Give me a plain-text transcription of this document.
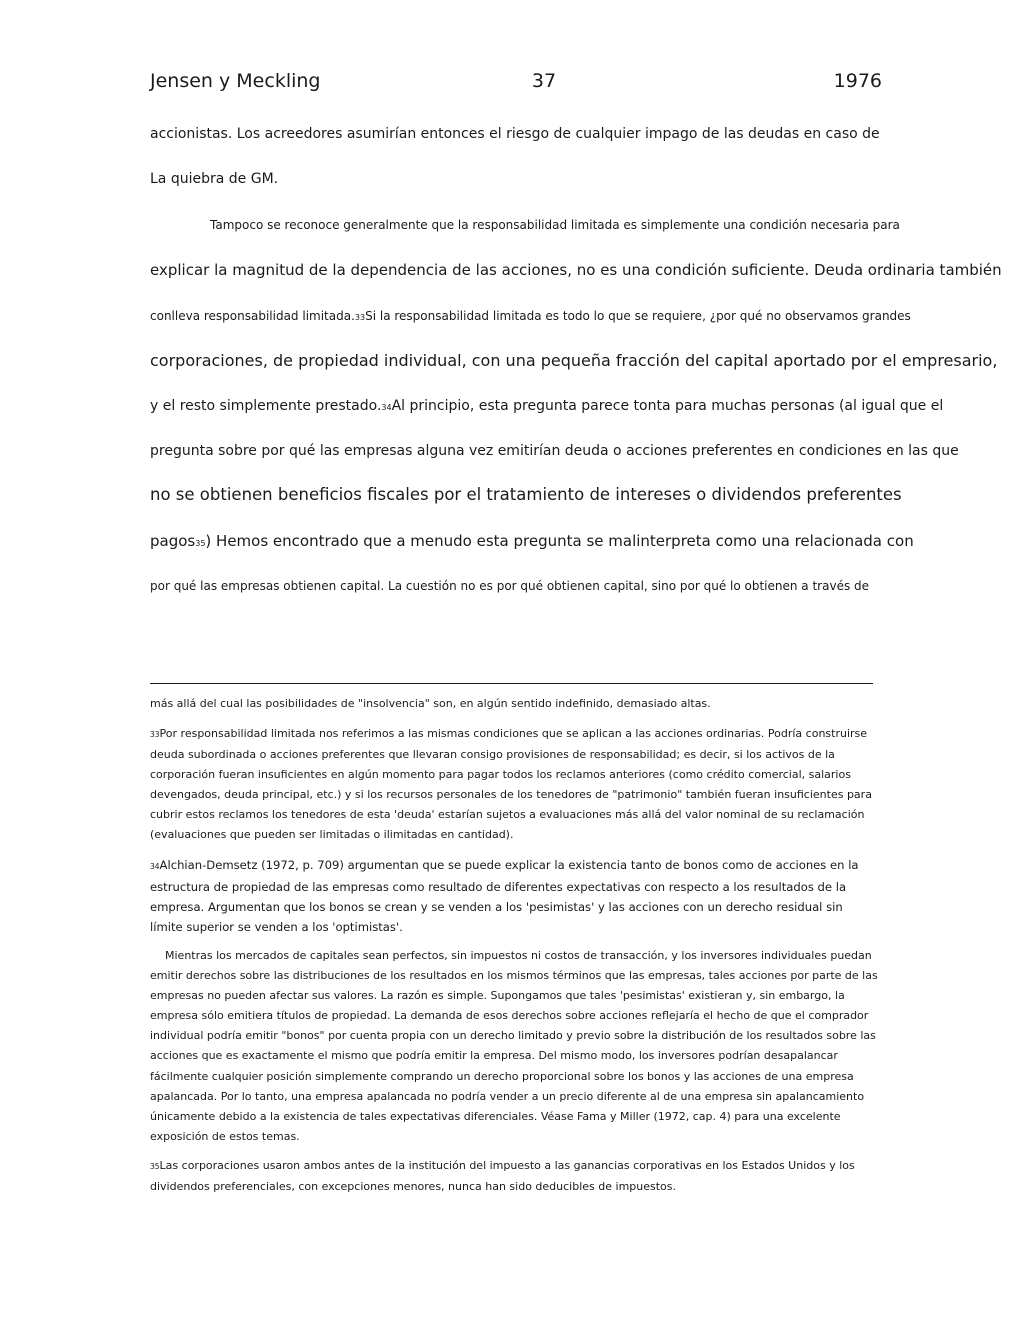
Jensen y Meckling	37	1976
accionistas. Los acreedores asumirían entonces el riesgo de cualquier impago de las deudas en caso de
La quiebra de GM.
Tampoco se reconoce generalmente que la responsabilidad limitada es simplemente una condición necesaria para
explicar la magnitud de la dependencia de las acciones, no es una condición suficiente. Deuda ordinaria también
conlleva responsabilidad limitada.33Si la responsabilidad limitada es todo lo que se requiere, ¿por qué no observamos grandes
corporaciones, de propiedad individual, con una pequeña fracción del capital aportado por el empresario,
y el resto simplemente prestado.34Al principio, esta pregunta parece tonta para muchas personas (al igual que el
pregunta sobre por qué las empresas alguna vez emitirían deuda o acciones preferentes en condiciones en las que
no se obtienen beneficios fiscales por el tratamiento de intereses o dividendos preferentes
pagos35) Hemos encontrado que a menudo esta pregunta se malinterpreta como una relacionada con
por qué las empresas obtienen capital. La cuestión no es por qué obtienen capital, sino por qué lo obtienen a través de
más allá del cual las posibilidades de "insolvencia" son, en algún sentido indefinido, demasiado altas.
33Por responsabilidad limitada nos referimos a las mismas condiciones que se aplican a las acciones ordinarias. Podría construirse deuda subordinada o acciones preferentes que llevaran consigo provisiones de responsabilidad; es decir, si los activos de la corporación fueran insuficientes en algún momento para pagar todos los reclamos anteriores (como crédito comercial, salarios devengados, deuda principal, etc.) y si los recursos personales de los tenedores de "patrimonio" también fueran insuficientes para cubrir estos reclamos los tenedores de esta 'deuda' estarían sujetos a evaluaciones más allá del valor nominal de su reclamación (evaluaciones que pueden ser limitadas o ilimitadas en cantidad).
34Alchian-Demsetz (1972, p. 709) argumentan que se puede explicar la existencia tanto de bonos como de acciones en la estructura de propiedad de las empresas como resultado de diferentes expectativas con respecto a los resultados de la empresa. Argumentan que los bonos se crean y se venden a los 'pesimistas' y las acciones con un derecho residual sin límite superior se venden a los 'optimistas'.
Mientras los mercados de capitales sean perfectos, sin impuestos ni costos de transacción, y los inversores individuales puedan emitir derechos sobre las distribuciones de los resultados en los mismos términos que las empresas, tales acciones por parte de las empresas no pueden afectar sus valores. La razón es simple. Supongamos que tales 'pesimistas' existieran y, sin embargo, la empresa sólo emitiera títulos de propiedad. La demanda de esos derechos sobre acciones reflejaría el hecho de que el comprador individual podría emitir "bonos" por cuenta propia con un derecho limitado y previo sobre la distribución de los resultados sobre las acciones que es exactamente el mismo que podría emitir la empresa. Del mismo modo, los inversores podrían desapalancar fácilmente cualquier posición simplemente comprando un derecho proporcional sobre los bonos y las acciones de una empresa apalancada. Por lo tanto, una empresa apalancada no podría vender a un precio diferente al de una empresa sin apalancamiento únicamente debido a la existencia de tales expectativas diferenciales. Véase Fama y Miller (1972, cap. 4) para una excelente exposición de estos temas.
35Las corporaciones usaron ambos antes de la institución del impuesto a las ganancias corporativas en los Estados Unidos y los dividendos preferenciales, con excepciones menores, nunca han sido deducibles de impuestos.
